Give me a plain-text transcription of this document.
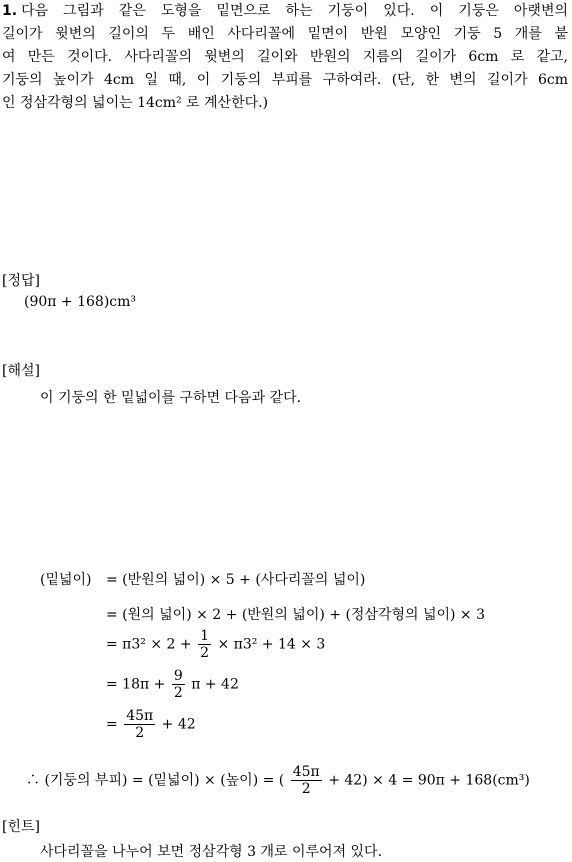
1. 다음 그림과 같은 도형을 밑면으로 하는 기둥이 있다. 이 기둥은 아랫변의
길이가 윗변의 길이의 두 배인 사다리꼴에 밑면이 반원 모양인 기둥 5 개를 붙
여 만든 것이다. 사다리꼴의 윗변의 길이와 반원의 지름의 길이가 6cm 로 같고,
기둥의 높이가 4cm 일 때, 이 기둥의 부피를 구하여라. (단, 한 변의 길이가 6cm
인 정삼각형의 넓이는 14cm² 로 계산한다.)
[정답]
(90π + 168)cm³
[해설]
이 기둥의 한 밑넓이를 구하면 다음과 같다.
(밑넓이) = (반원의 넓이) × 5 + (사다리꼴의 넓이)
= (원의 넓이) × 2 + (반원의 넓이) + (정삼각형의 넓이) × 3
= $\pi 3^2 \times 2 + \frac{1}{2} \times \pi 3^2 + 14 \times 3$
= $18\pi + \frac{9}{2}$ π + 42
= $\frac{45\pi}{2} + 42$
∴ (기둥의 부피) = (밑넓이) × (높이) = ( $\frac{45\pi}{2} + 42) \times 4 = 90\pi + 168(cm^3)$
[힌트]
사다리꼴을 나누어 보면 정삼각형 3 개로 이루어져 있다.
